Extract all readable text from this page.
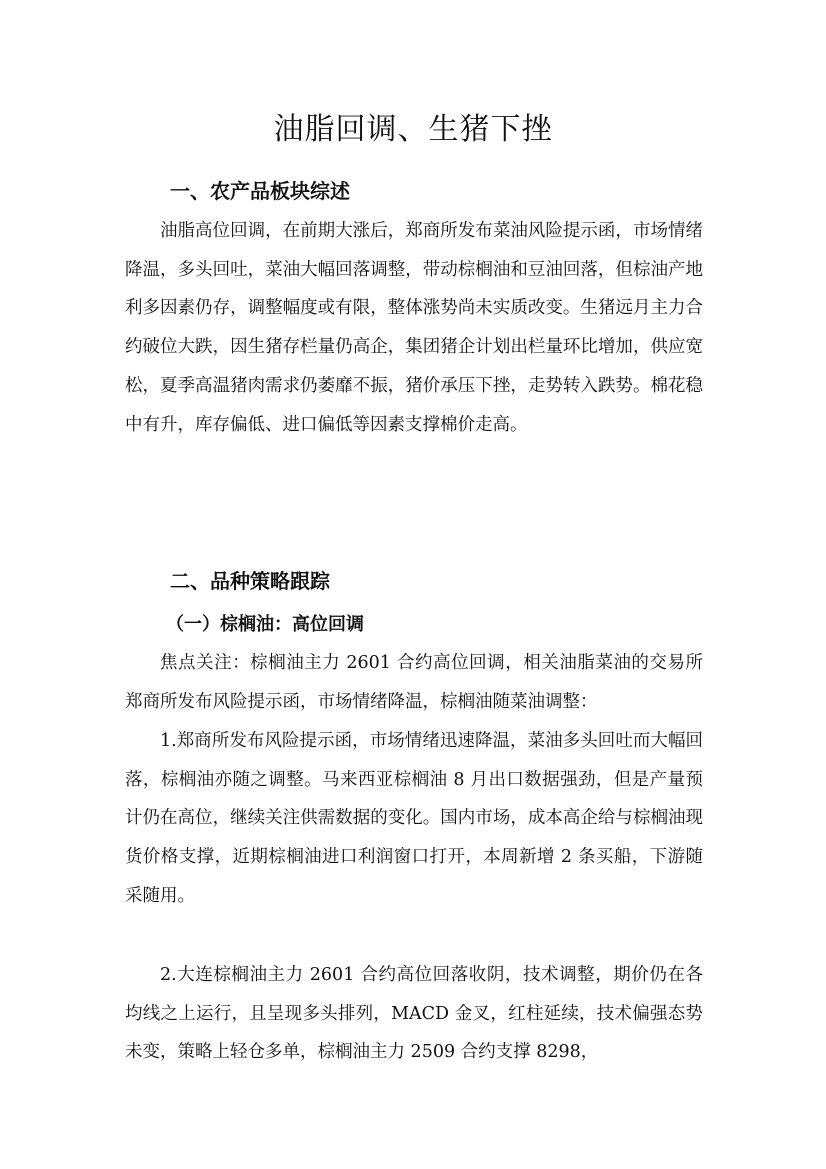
油脂回调、生猪下挫
一、农产品板块综述

油脂高位回调，在前期大涨后，郑商所发布菜油风险提示函，市场情绪降温，多头回吐，菜油大幅回落调整，带动棕榈油和豆油回落，但棕油产地利多因素仍存，调整幅度或有限，整体涨势尚未实质改变。生猪远月主力合约破位大跌，因生猪存栏量仍高企，集团猪企计划出栏量环比增加，供应宽松，夏季高温猪肉需求仍萎靡不振，猪价承压下挫，走势转入跌势。棉花稳中有升，库存偏低、进口偏低等因素支撑棉价走高。

二、品种策略跟踪
（一）棕榈油：高位回调

焦点关注：棕榈油主力 2601 合约高位回调，相关油脂菜油的交易所郑商所发布风险提示函，市场情绪降温，棕榈油随菜油调整：

1.郑商所发布风险提示函，市场情绪迅速降温，菜油多头回吐而大幅回落，棕榈油亦随之调整。马来西亚棕榈油 8 月出口数据强劲，但是产量预计仍在高位，继续关注供需数据的变化。国内市场，成本高企给与棕榈油现货价格支撑，近期棕榈油进口利润窗口打开，本周新增 2 条买船，下游随采随用。

2.大连棕榈油主力 2601 合约高位回落收阴，技术调整，期价仍在各均线之上运行，且呈现多头排列，MACD 金叉，红柱延续，技术偏强态势未变，策略上轻仓多单，棕榈油主力 2509 合约支撑 8298，
